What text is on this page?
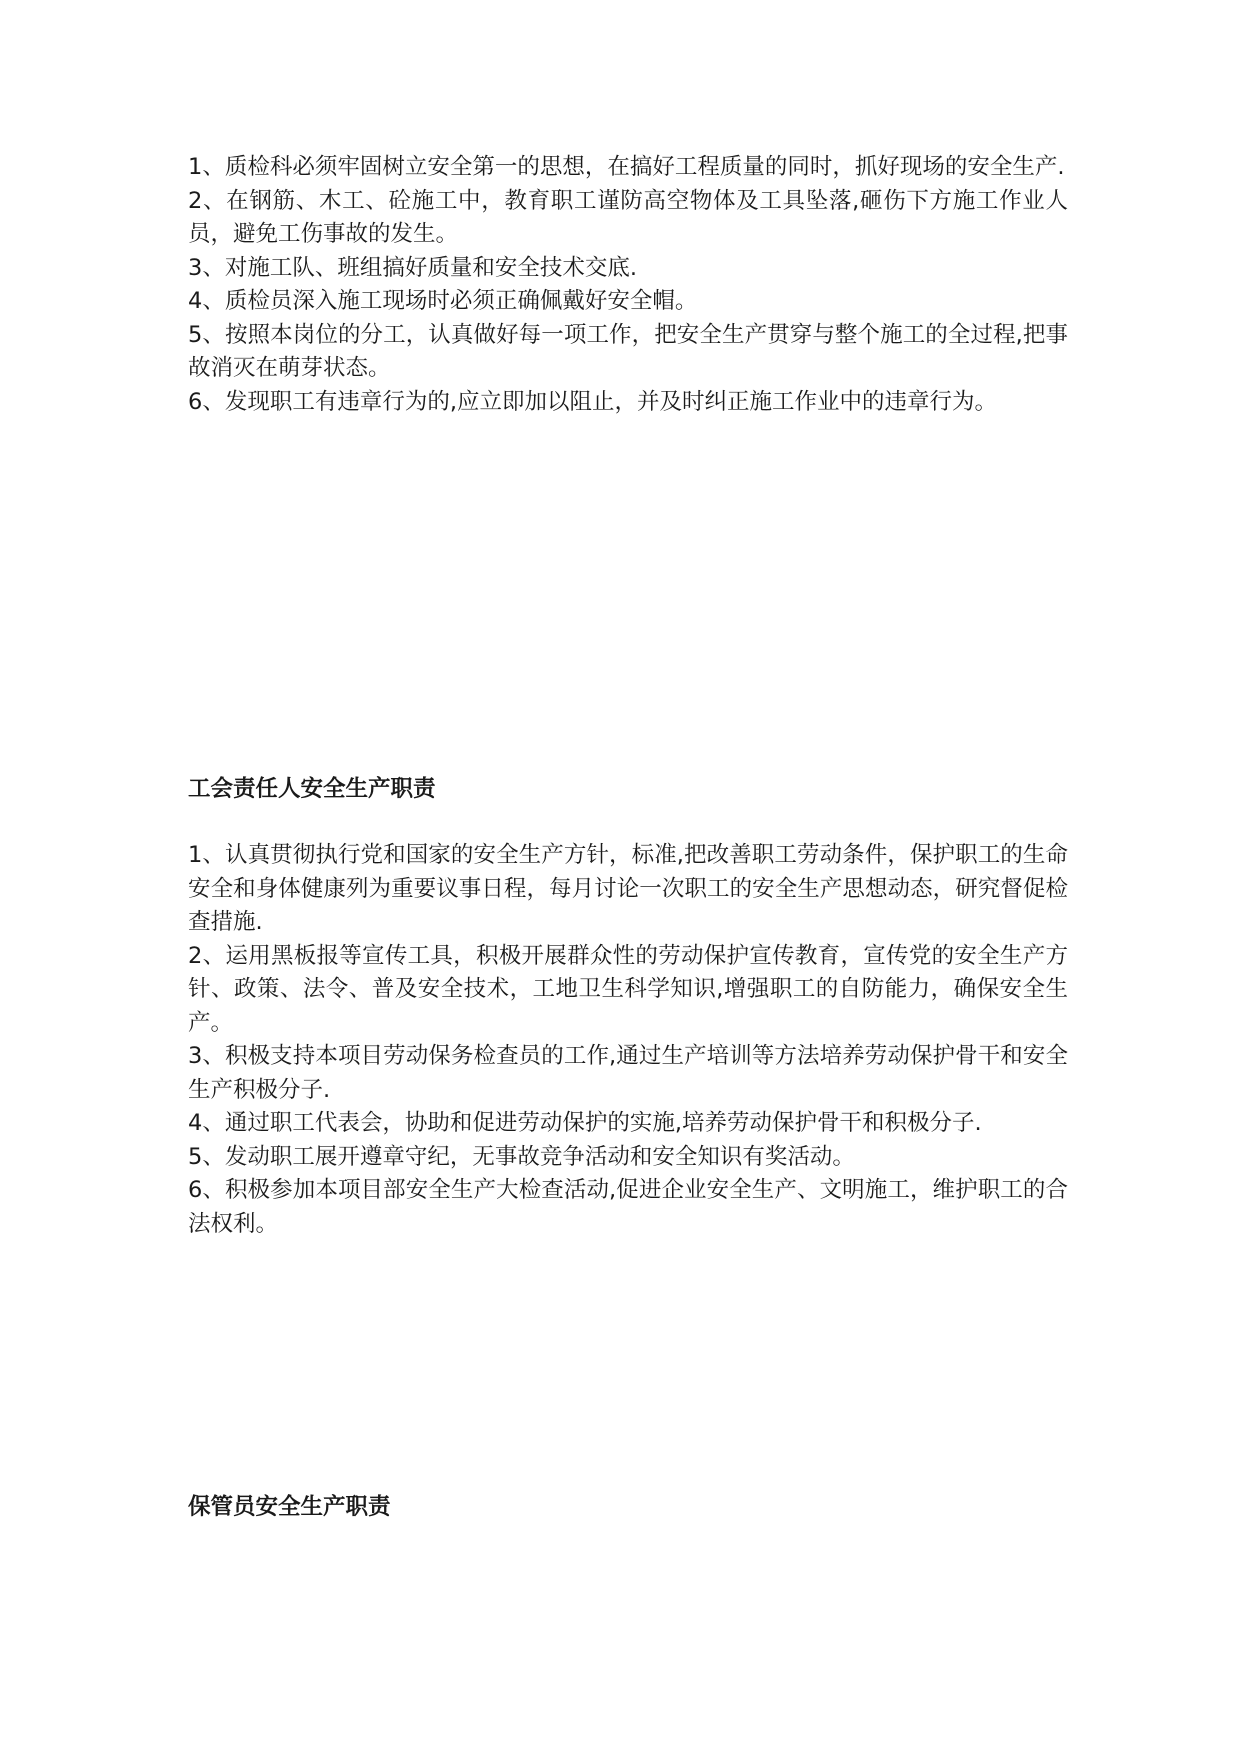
1、质检科必须牢固树立安全第一的思想，在搞好工程质量的同时，抓好现场的安全生产.

2、在钢筋、木工、砼施工中，教育职工谨防高空物体及工具坠落,砸伤下方施工作业人员，避免工伤事故的发生。

3、对施工队、班组搞好质量和安全技术交底.

4、质检员深入施工现场时必须正确佩戴好安全帽。

5、按照本岗位的分工，认真做好每一项工作，把安全生产贯穿与整个施工的全过程,把事故消灭在萌芽状态。

6、发现职工有违章行为的,应立即加以阻止，并及时纠正施工作业中的违章行为。

工会责任人安全生产职责

1、认真贯彻执行党和国家的安全生产方针，标准,把改善职工劳动条件，保护职工的生命安全和身体健康列为重要议事日程，每月讨论一次职工的安全生产思想动态，研究督促检查措施.

2、运用黑板报等宣传工具，积极开展群众性的劳动保护宣传教育，宣传党的安全生产方针、政策、法令、普及安全技术，工地卫生科学知识,增强职工的自防能力，确保安全生产。

3、积极支持本项目劳动保务检查员的工作,通过生产培训等方法培养劳动保护骨干和安全生产积极分子.

4、通过职工代表会，协助和促进劳动保护的实施,培养劳动保护骨干和积极分子.

5、发动职工展开遵章守纪，无事故竞争活动和安全知识有奖活动。

6、积极参加本项目部安全生产大检查活动,促进企业安全生产、文明施工，维护职工的合法权利。

保管员安全生产职责
